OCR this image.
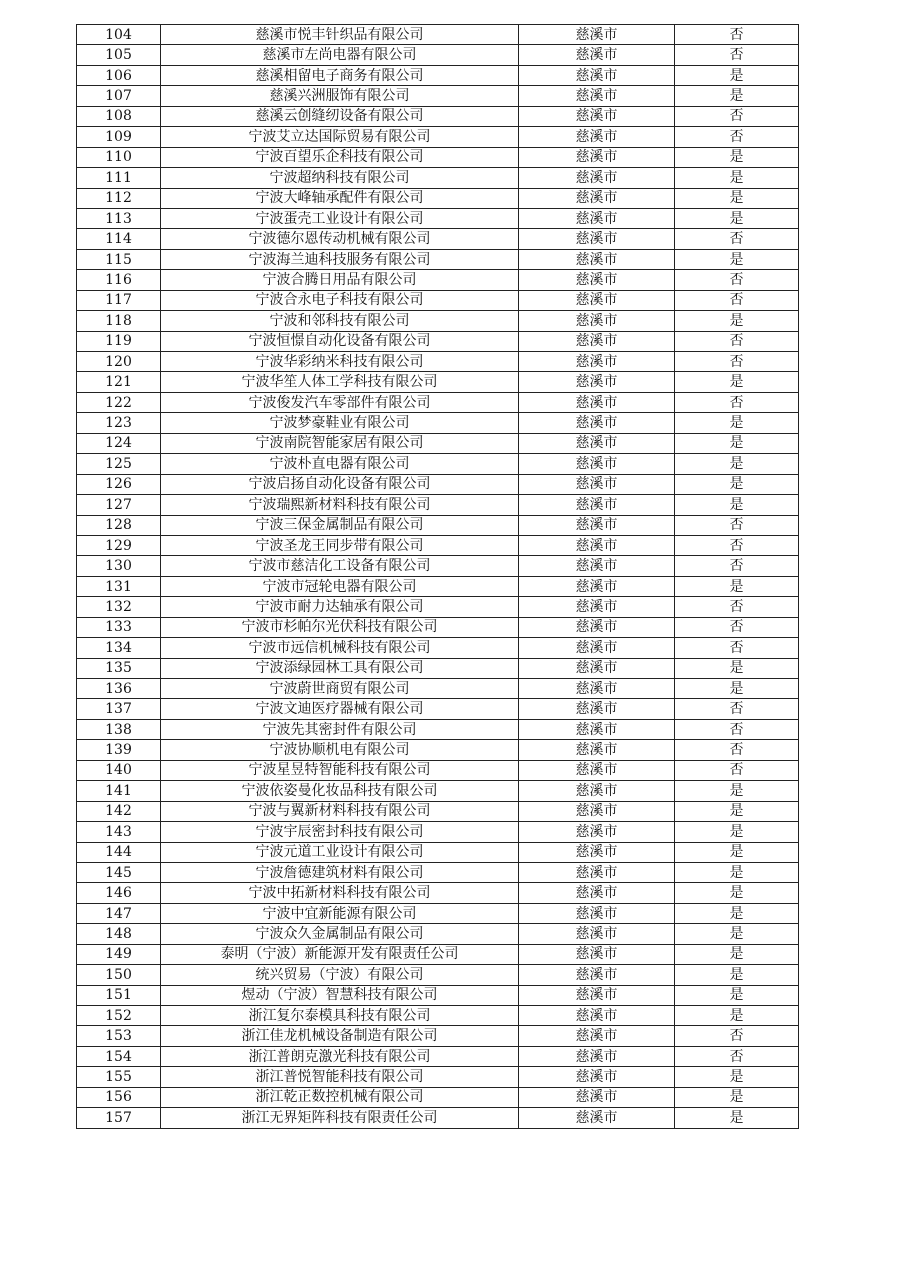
104	慈溪市悦丰针织品有限公司	慈溪市	否
105	慈溪市左尚电器有限公司	慈溪市	否
106	慈溪相留电子商务有限公司	慈溪市	是
107	慈溪兴洲服饰有限公司	慈溪市	是
108	慈溪云创缝纫设备有限公司	慈溪市	否
109	宁波艾立达国际贸易有限公司	慈溪市	否
110	宁波百望乐企科技有限公司	慈溪市	是
111	宁波超纳科技有限公司	慈溪市	是
112	宁波大峰轴承配件有限公司	慈溪市	是
113	宁波蛋壳工业设计有限公司	慈溪市	是
114	宁波德尔恩传动机械有限公司	慈溪市	否
115	宁波海兰迪科技服务有限公司	慈溪市	是
116	宁波合腾日用品有限公司	慈溪市	否
117	宁波合永电子科技有限公司	慈溪市	否
118	宁波和邻科技有限公司	慈溪市	是
119	宁波恒憬自动化设备有限公司	慈溪市	否
120	宁波华彩纳米科技有限公司	慈溪市	否
121	宁波华笙人体工学科技有限公司	慈溪市	是
122	宁波俊发汽车零部件有限公司	慈溪市	否
123	宁波梦豪鞋业有限公司	慈溪市	是
124	宁波南院智能家居有限公司	慈溪市	是
125	宁波朴直电器有限公司	慈溪市	是
126	宁波启扬自动化设备有限公司	慈溪市	是
127	宁波瑞熙新材料科技有限公司	慈溪市	是
128	宁波三保金属制品有限公司	慈溪市	否
129	宁波圣龙王同步带有限公司	慈溪市	否
130	宁波市慈洁化工设备有限公司	慈溪市	否
131	宁波市冠轮电器有限公司	慈溪市	是
132	宁波市耐力达轴承有限公司	慈溪市	否
133	宁波市杉帕尔光伏科技有限公司	慈溪市	否
134	宁波市远信机械科技有限公司	慈溪市	否
135	宁波添绿园林工具有限公司	慈溪市	是
136	宁波蔚世商贸有限公司	慈溪市	是
137	宁波文迪医疗器械有限公司	慈溪市	否
138	宁波先其密封件有限公司	慈溪市	否
139	宁波协顺机电有限公司	慈溪市	否
140	宁波星昱特智能科技有限公司	慈溪市	否
141	宁波依姿曼化妆品科技有限公司	慈溪市	是
142	宁波与翼新材料科技有限公司	慈溪市	是
143	宁波宇辰密封科技有限公司	慈溪市	是
144	宁波元道工业设计有限公司	慈溪市	是
145	宁波詹德建筑材料有限公司	慈溪市	是
146	宁波中拓新材料科技有限公司	慈溪市	是
147	宁波中宜新能源有限公司	慈溪市	是
148	宁波众久金属制品有限公司	慈溪市	是
149	泰明（宁波）新能源开发有限责任公司	慈溪市	是
150	统兴贸易（宁波）有限公司	慈溪市	是
151	煜动（宁波）智慧科技有限公司	慈溪市	是
152	浙江复尔泰模具科技有限公司	慈溪市	是
153	浙江佳龙机械设备制造有限公司	慈溪市	否
154	浙江普朗克激光科技有限公司	慈溪市	否
155	浙江普悦智能科技有限公司	慈溪市	是
156	浙江乾正数控机械有限公司	慈溪市	是
157	浙江无界矩阵科技有限责任公司	慈溪市	是
